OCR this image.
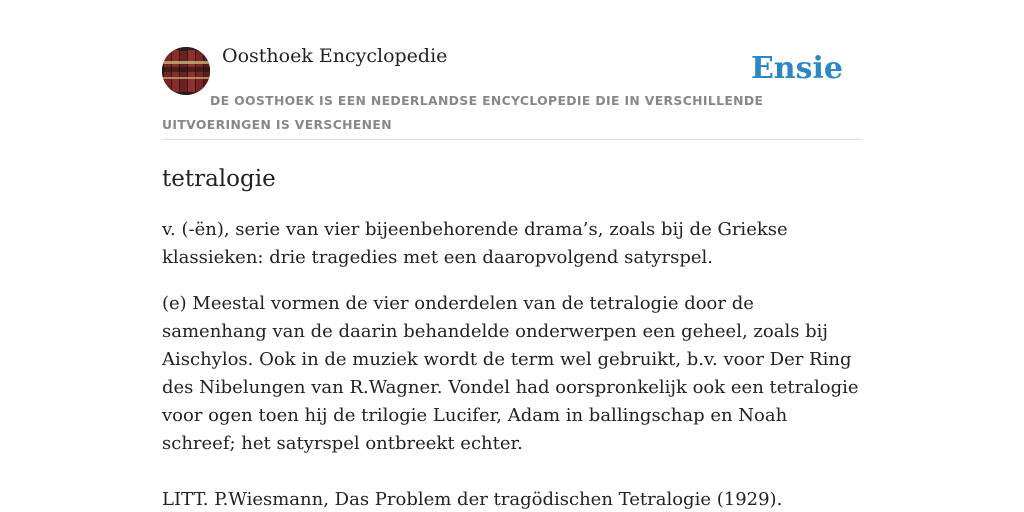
Oosthoek Encyclopedie	Ensie
DE OOSTHOEK IS EEN NEDERLANDSE ENCYCLOPEDIE DIE IN VERSCHILLENDE UITVOERINGEN IS VERSCHENEN
tetralogie

v. (-ën), serie van vier bijeenbehorende drama’s, zoals bij de Griekse klassieken: drie tragedies met een daaropvolgend satyrspel.

(e) Meestal vormen de vier onderdelen van de tetralogie door de samenhang van de daarin behandelde onderwerpen een geheel, zoals bij Aischylos. Ook in de muziek wordt de term wel gebruikt, b.v. voor Der Ring des Nibelungen van R.Wagner. Vondel had oorspronkelijk ook een tetralogie voor ogen toen hij de trilogie Lucifer, Adam in ballingschap en Noah schreef; het satyrspel ontbreekt echter.

LITT. P.Wiesmann, Das Problem der tragödischen Tetralogie (1929).
